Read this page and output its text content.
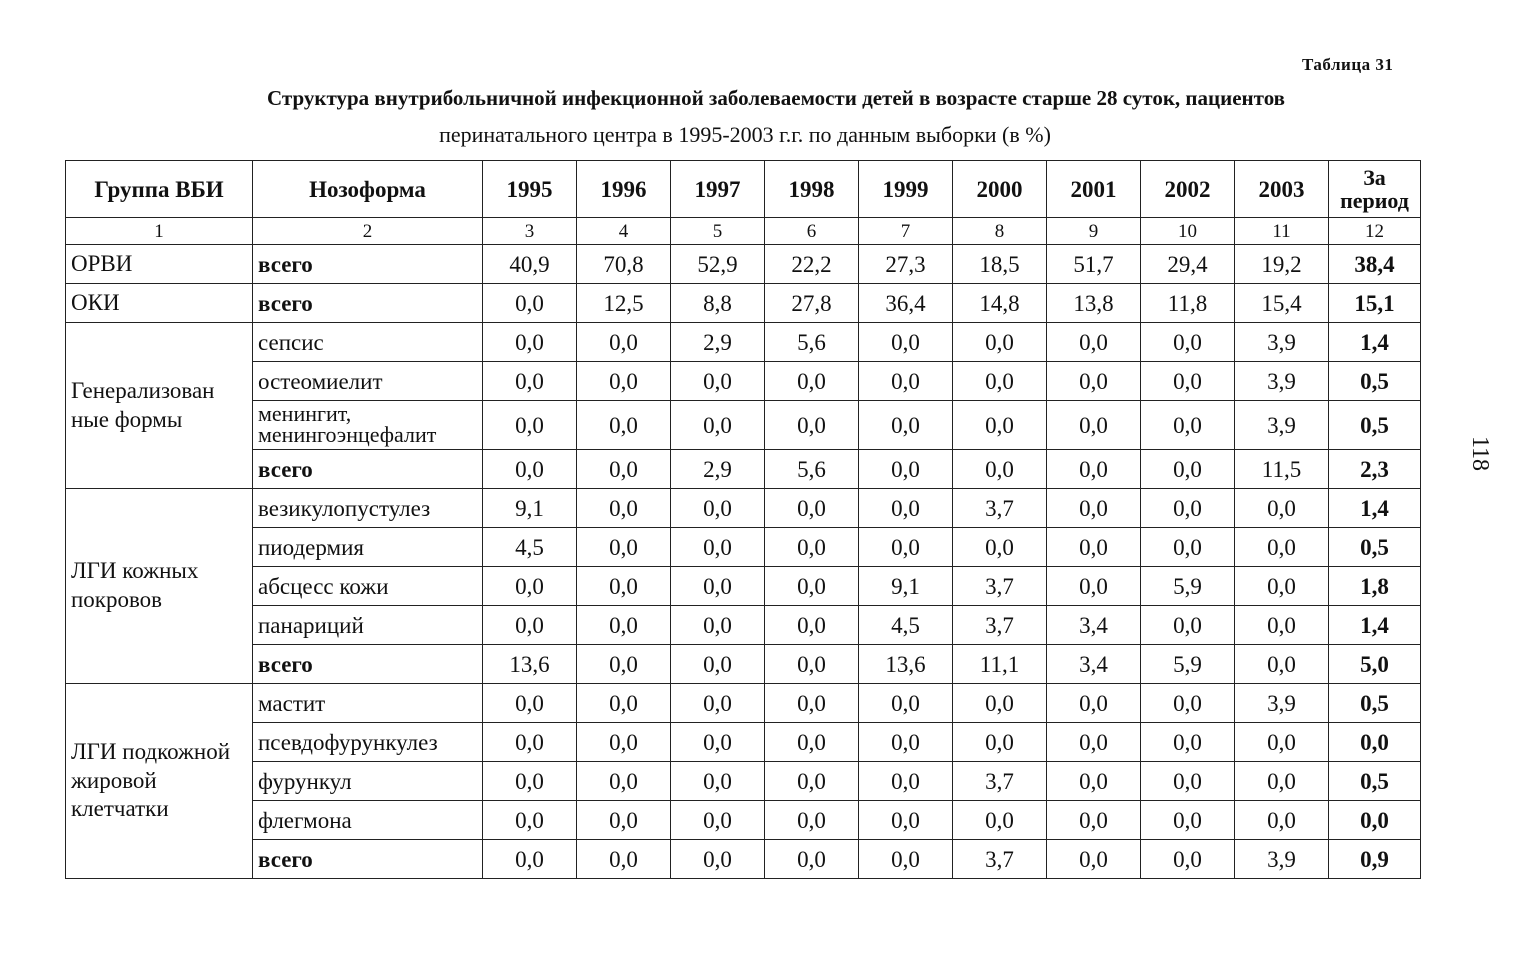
Таблица 31
Структура внутрибольничной инфекционной заболеваемости детей в возрасте старше 28 суток, пациентов
перинатального центра в 1995-2003 г.г. по данным выборки (в %)
Группа ВБИ	Нозоформа	1995	1996	1997	1998	1999	2000	2001	2002	2003	За
период
1	2	3	4	5	6	7	8	9	10	11	12
ОРВИ	всего	40,9	70,8	52,9	22,2	27,3	18,5	51,7	29,4	19,2	38,4
ОКИ	всего	0,0	12,5	8,8	27,8	36,4	14,8	13,8	11,8	15,4	15,1
Генерализован ные формы	сепсис	0,0	0,0	2,9	5,6	0,0	0,0	0,0	0,0	3,9	1,4
	остеомиелит	0,0	0,0	0,0	0,0	0,0	0,0	0,0	0,0	3,9	0,5
	менингит, менингоэнцефалит	0,0	0,0	0,0	0,0	0,0	0,0	0,0	0,0	3,9	0,5
	всего	0,0	0,0	2,9	5,6	0,0	0,0	0,0	0,0	11,5	2,3
ЛГИ кожных покровов	везикулопустулез	9,1	0,0	0,0	0,0	0,0	3,7	0,0	0,0	0,0	1,4
	пиодермия	4,5	0,0	0,0	0,0	0,0	0,0	0,0	0,0	0,0	0,5
	абсцесс кожи	0,0	0,0	0,0	0,0	9,1	3,7	0,0	5,9	0,0	1,8
	панариций	0,0	0,0	0,0	0,0	4,5	3,7	3,4	0,0	0,0	1,4
	всего	13,6	0,0	0,0	0,0	13,6	11,1	3,4	5,9	0,0	5,0
ЛГИ подкожной жировой клетчатки	мастит	0,0	0,0	0,0	0,0	0,0	0,0	0,0	0,0	3,9	0,5
	псевдофурункулез	0,0	0,0	0,0	0,0	0,0	0,0	0,0	0,0	0,0	0,0
	фурункул	0,0	0,0	0,0	0,0	0,0	3,7	0,0	0,0	0,0	0,5
	флегмона	0,0	0,0	0,0	0,0	0,0	0,0	0,0	0,0	0,0	0,0
	всего	0,0	0,0	0,0	0,0	0,0	3,7	0,0	0,0	3,9	0,9
118
